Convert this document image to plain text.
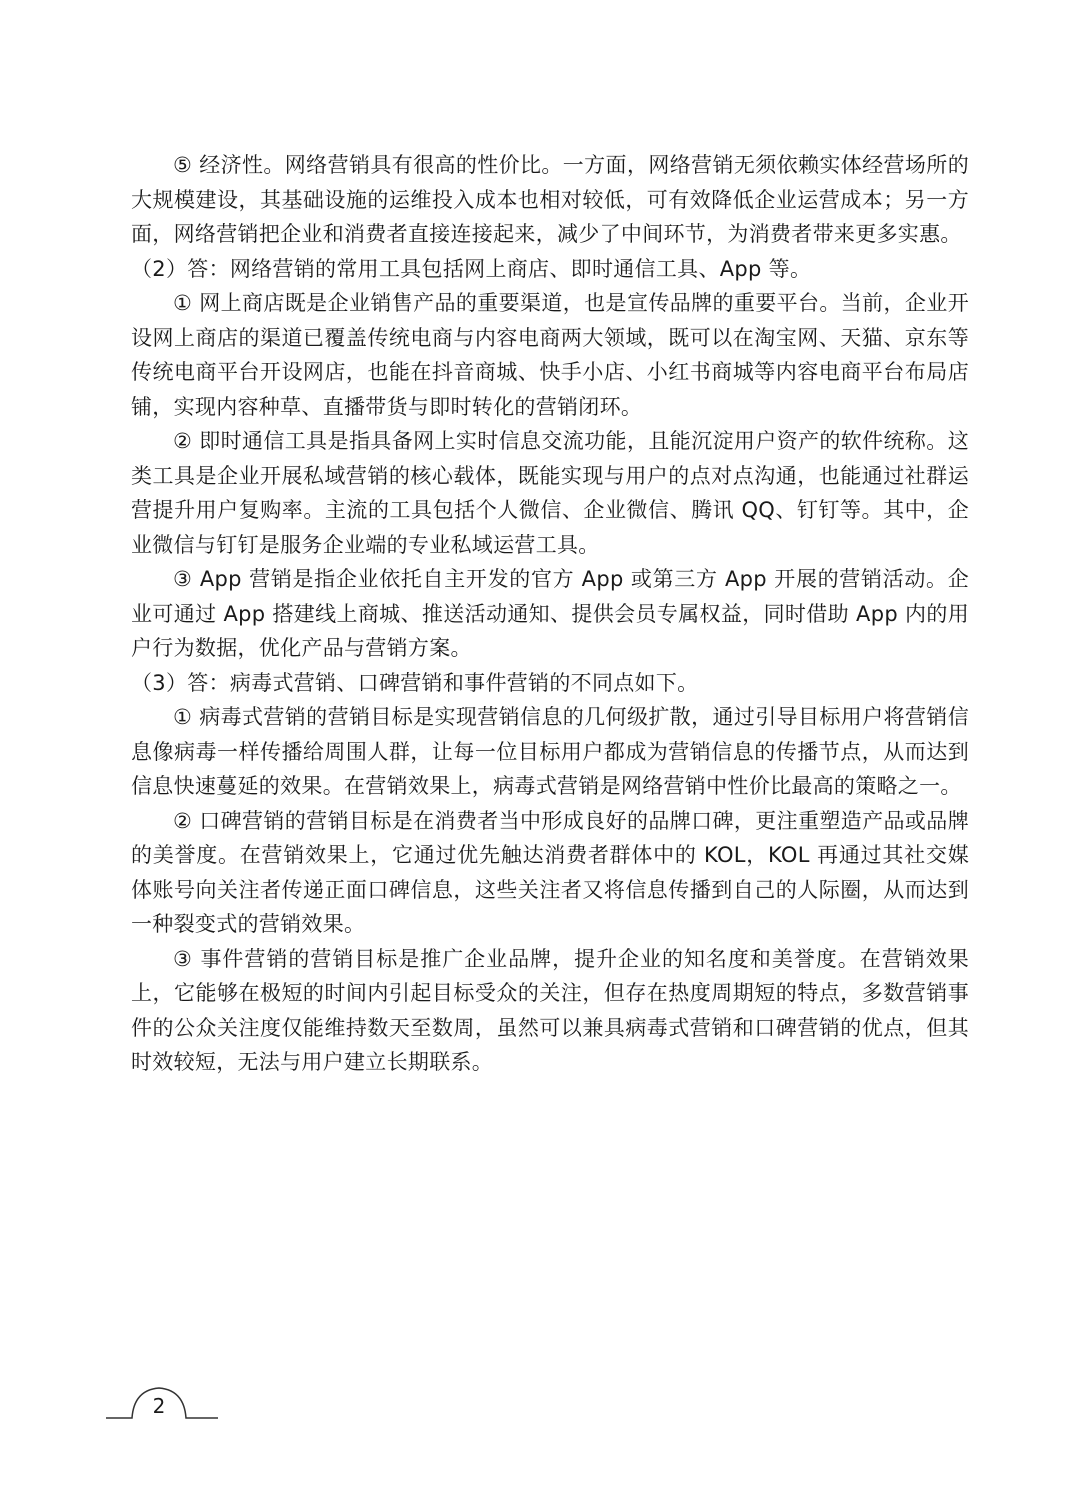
⑤ 经济性。网络营销具有很高的性价比。一方面，网络营销无须依赖实体经营场所的大规模建设，其基础设施的运维投入成本也相对较低，可有效降低企业运营成本；另一方面，网络营销把企业和消费者直接连接起来，减少了中间环节，为消费者带来更多实惠。

（2）答：网络营销的常用工具包括网上商店、即时通信工具、App 等。

① 网上商店既是企业销售产品的重要渠道，也是宣传品牌的重要平台。当前，企业开设网上商店的渠道已覆盖传统电商与内容电商两大领域，既可以在淘宝网、天猫、京东等传统电商平台开设网店，也能在抖音商城、快手小店、小红书商城等内容电商平台布局店铺，实现内容种草、直播带货与即时转化的营销闭环。

② 即时通信工具是指具备网上实时信息交流功能，且能沉淀用户资产的软件统称。这类工具是企业开展私域营销的核心载体，既能实现与用户的点对点沟通，也能通过社群运营提升用户复购率。主流的工具包括个人微信、企业微信、腾讯 QQ、钉钉等。其中，企业微信与钉钉是服务企业端的专业私域运营工具。

③ App 营销是指企业依托自主开发的官方 App 或第三方 App 开展的营销活动。企业可通过 App 搭建线上商城、推送活动通知、提供会员专属权益，同时借助 App 内的用户行为数据，优化产品与营销方案。

（3）答：病毒式营销、口碑营销和事件营销的不同点如下。

① 病毒式营销的营销目标是实现营销信息的几何级扩散，通过引导目标用户将营销信息像病毒一样传播给周围人群，让每一位目标用户都成为营销信息的传播节点，从而达到信息快速蔓延的效果。在营销效果上，病毒式营销是网络营销中性价比最高的策略之一。

② 口碑营销的营销目标是在消费者当中形成良好的品牌口碑，更注重塑造产品或品牌的美誉度。在营销效果上，它通过优先触达消费者群体中的 KOL，KOL 再通过其社交媒体账号向关注者传递正面口碑信息，这些关注者又将信息传播到自己的人际圈，从而达到一种裂变式的营销效果。

③ 事件营销的营销目标是推广企业品牌，提升企业的知名度和美誉度。在营销效果上，它能够在极短的时间内引起目标受众的关注，但存在热度周期短的特点，多数营销事件的公众关注度仅能维持数天至数周，虽然可以兼具病毒式营销和口碑营销的优点，但其时效较短，无法与用户建立长期联系。

2
